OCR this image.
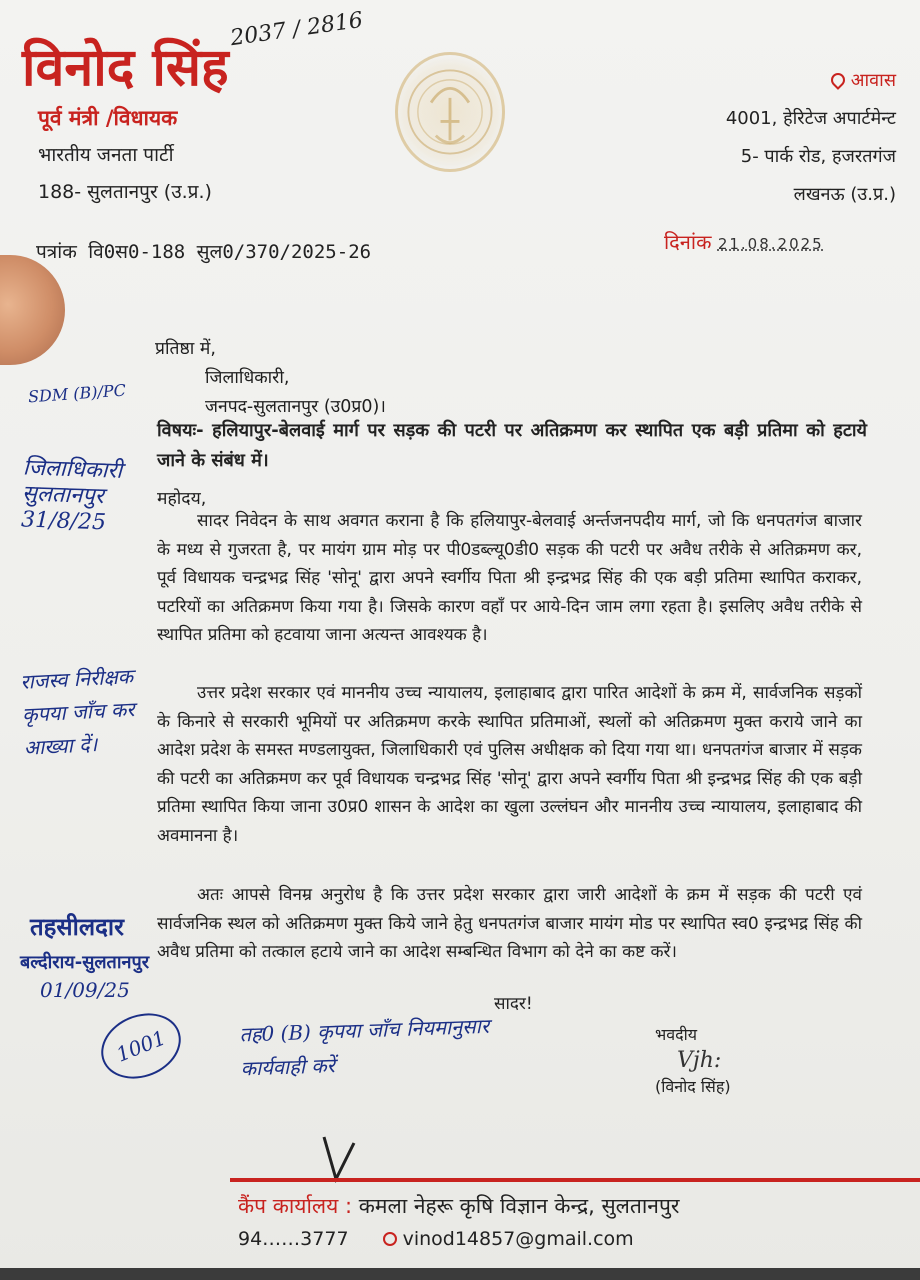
विनोद सिंह
2037 / 2816
पूर्व मंत्री /विधायक
भारतीय जनता पार्टी
188- सुलतानपुर (उ.प्र.)
आवास
4001, हेरिटेज अपार्टमेन्ट
5- पार्क रोड, हजरतगंज
लखनऊ (उ.प्र.)
पत्रांक वि0स0-188 सुल0/370/2025-26	दिनांक 21.08.2025
प्रतिष्ठा में,
जिलाधिकारी,
जनपद-सुलतानपुर (उ0प्र0)।
विषयः- हलियापुर-बेलवाई मार्ग पर सड़क की पटरी पर अतिक्रमण कर स्थापित एक बड़ी प्रतिमा को हटाये जाने के संबंध में।
महोदय,
सादर निवेदन के साथ अवगत कराना है कि हलियापुर-बेलवाई अर्न्तजनपदीय मार्ग, जो कि धनपतगंज बाजार के मध्य से गुजरता है, पर मायंग ग्राम मोड़ पर पी0डब्ल्यू0डी0 सड़क की पटरी पर अवैध तरीके से अतिक्रमण कर, पूर्व विधायक चन्द्रभद्र सिंह 'सोनू' द्वारा अपने स्वर्गीय पिता श्री इन्द्रभद्र सिंह की एक बड़ी प्रतिमा स्थापित कराकर, पटरियों का अतिक्रमण किया गया है। जिसके कारण वहाँ पर आये-दिन जाम लगा रहता है। इसलिए अवैध तरीके से स्थापित प्रतिमा को हटवाया जाना अत्यन्त आवश्यक है।
उत्तर प्रदेश सरकार एवं माननीय उच्च न्यायालय, इलाहाबाद द्वारा पारित आदेशों के क्रम में, सार्वजनिक सड़कों के किनारे से सरकारी भूमियों पर अतिक्रमण करके स्थापित प्रतिमाओं, स्थलों को अतिक्रमण मुक्त कराये जाने का आदेश प्रदेश के समस्त मण्डलायुक्त, जिलाधिकारी एवं पुलिस अधीक्षक को दिया गया था। धनपतगंज बाजार में सड़क की पटरी का अतिक्रमण कर पूर्व विधायक चन्द्रभद्र सिंह 'सोनू' द्वारा अपने स्वर्गीय पिता श्री इन्द्रभद्र सिंह की एक बड़ी प्रतिमा स्थापित किया जाना उ0प्र0 शासन के आदेश का खुला उल्लंघन और माननीय उच्च न्यायालय, इलाहाबाद की अवमानना है।
अतः आपसे विनम्र अनुरोध है कि उत्तर प्रदेश सरकार द्वारा जारी आदेशों के क्रम में सड़क की पटरी एवं सार्वजनिक स्थल को अतिक्रमण मुक्त किये जाने हेतु धनपतगंज बाजार मायंग मोड पर स्थापित स्व0 इन्द्रभद्र सिंह की अवैध प्रतिमा को तत्काल हटाये जाने का आदेश सम्बन्धित विभाग को देने का कष्ट करें।
सादर!
भवदीय
Vjh:
(विनोद सिंह)
SDM (B)/PC
जिलाधिकारी सुलतानपुर 31/8/25
राजस्व निरीक्षक कृपया जाँच कर आख्या दें।
तहसीलदार
बल्दीराय-सुलतानपुर
01/09/25
1001	तह0 (B) कृपया जाँच नियमानुसार कार्यवाही करें
कैंप कार्यालय : कमला नेहरू कृषि विज्ञान केन्द्र, सुलतानपुर
94……3777	vinod14857@gmail.com
